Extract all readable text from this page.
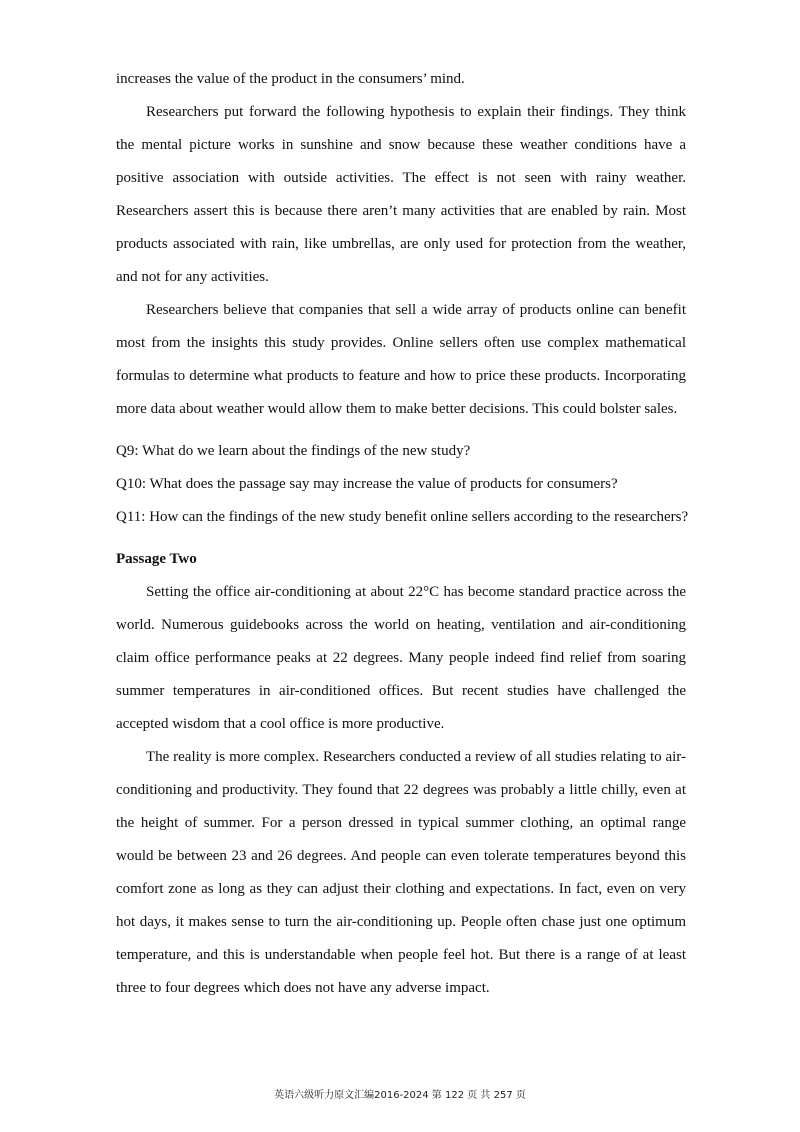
increases the value of the product in the consumers’ mind.

Researchers put forward the following hypothesis to explain their findings. They think the mental picture works in sunshine and snow because these weather conditions have a positive association with outside activities. The effect is not seen with rainy weather. Researchers assert this is because there aren’t many activities that are enabled by rain. Most products associated with rain, like umbrellas, are only used for protection from the weather, and not for any activities.

Researchers believe that companies that sell a wide array of products online can benefit most from the insights this study provides. Online sellers often use complex mathematical formulas to determine what products to feature and how to price these products. Incorporating more data about weather would allow them to make better decisions. This could bolster sales.

Q9: What do we learn about the findings of the new study?

Q10: What does the passage say may increase the value of products for consumers?

Q11: How can the findings of the new study benefit online sellers according to the researchers?

Passage Two

Setting the office air-conditioning at about 22°C has become standard practice across the world. Numerous guidebooks across the world on heating, ventilation and air-conditioning claim office performance peaks at 22 degrees. Many people indeed find relief from soaring summer temperatures in air-conditioned offices. But recent studies have challenged the accepted wisdom that a cool office is more productive.

The reality is more complex. Researchers conducted a review of all studies relating to air-conditioning and productivity. They found that 22 degrees was probably a little chilly, even at the height of summer. For a person dressed in typical summer clothing, an optimal range would be between 23 and 26 degrees. And people can even tolerate temperatures beyond this comfort zone as long as they can adjust their clothing and expectations. In fact, even on very hot days, it makes sense to turn the air-conditioning up. People often chase just one optimum temperature, and this is understandable when people feel hot. But there is a range of at least three to four degrees which does not have any adverse impact.

英语六级听力原文汇编2016-2024 第 122 页 共 257 页
